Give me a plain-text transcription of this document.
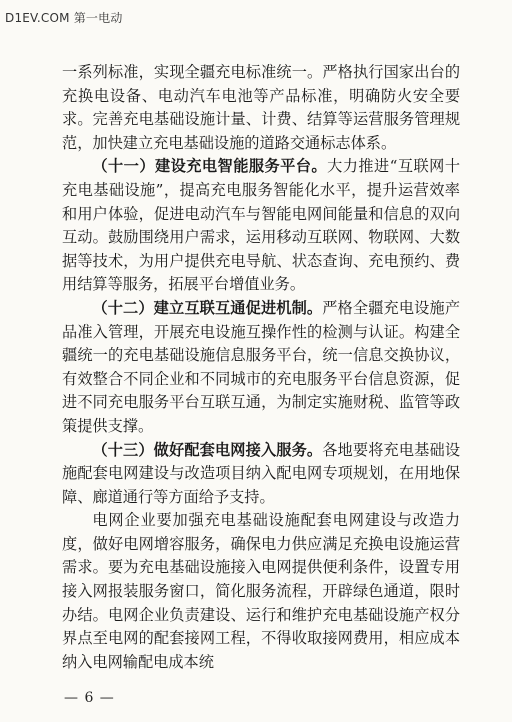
D1EV.COM 第一电动

一系列标准，实现全疆充电标准统一。严格执行国家出台的充换电设备、电动汽车电池等产品标准，明确防火安全要求。完善充电基础设施计量、计费、结算等运营服务管理规范，加快建立充电基础设施的道路交通标志体系。

（十一）建设充电智能服务平台。大力推进“互联网十充电基础设施”，提高充电服务智能化水平，提升运营效率和用户体验，促进电动汽车与智能电网间能量和信息的双向互动。鼓励围绕用户需求，运用移动互联网、物联网、大数据等技术，为用户提供充电导航、状态查询、充电预约、费用结算等服务，拓展平台增值业务。

（十二）建立互联互通促进机制。严格全疆充电设施产品准入管理，开展充电设施互操作性的检测与认证。构建全疆统一的充电基础设施信息服务平台，统一信息交换协议，有效整合不同企业和不同城市的充电服务平台信息资源，促进不同充电服务平台互联互通，为制定实施财税、监管等政策提供支撑。

（十三）做好配套电网接入服务。各地要将充电基础设施配套电网建设与改造项目纳入配电网专项规划，在用地保障、廊道通行等方面给予支持。

电网企业要加强充电基础设施配套电网建设与改造力度，做好电网增容服务，确保电力供应满足充换电设施运营需求。要为充电基础设施接入电网提供便利条件，设置专用接入网报装服务窗口，简化服务流程，开辟绿色通道，限时办结。电网企业负责建设、运行和维护充电基础设施产权分界点至电网的配套接网工程，不得收取接网费用，相应成本纳入电网输配电成本统

— 6 —
